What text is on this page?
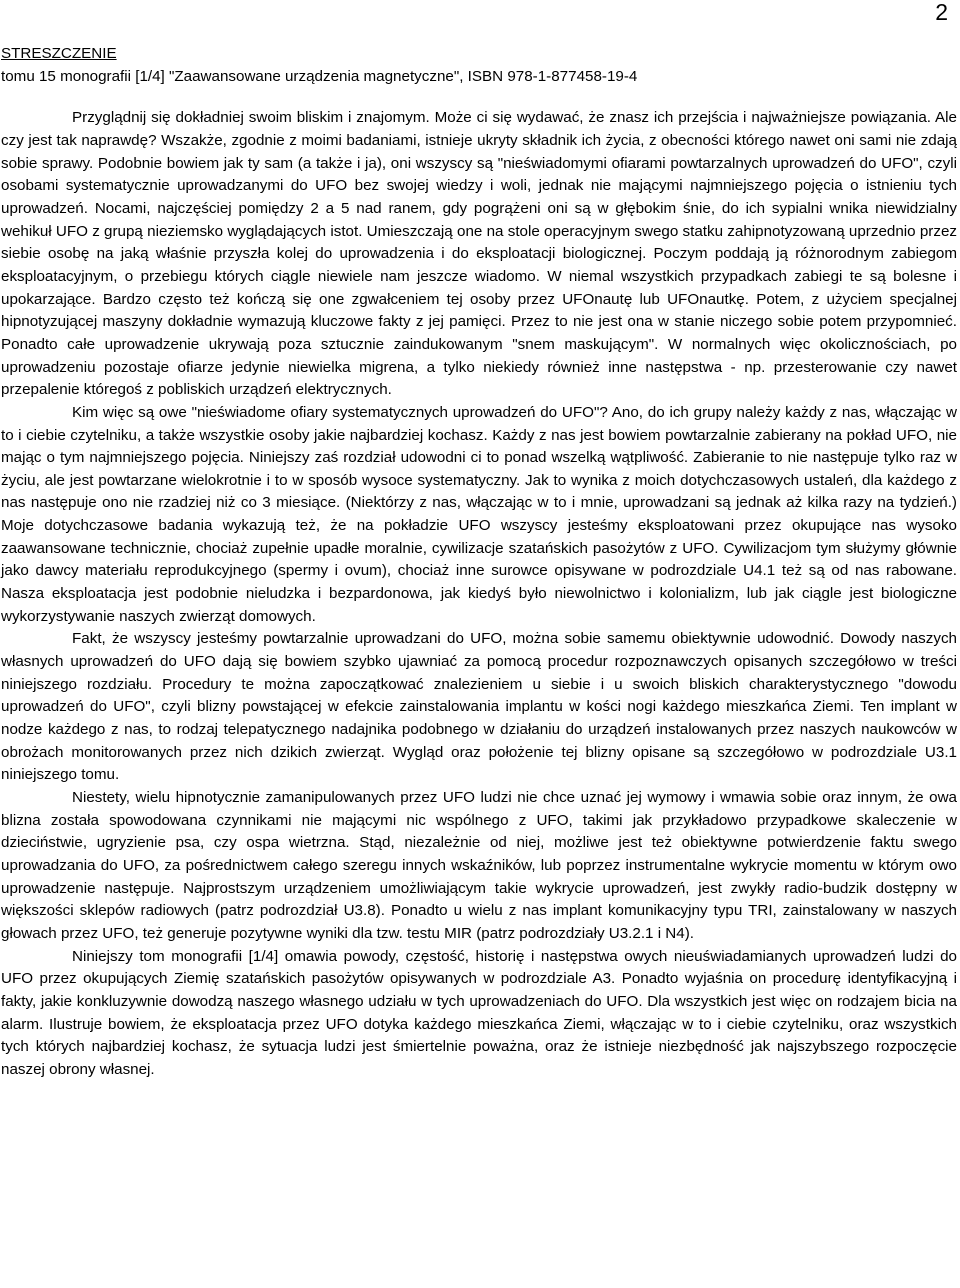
2
STRESZCZENIE
tomu 15 monografii [1/4] "Zaawansowane urządzenia magnetyczne", ISBN 978-1-877458-19-4

Przyglądnij się dokładniej swoim bliskim i znajomym. Może ci się wydawać, że znasz ich przejścia i najważniejsze powiązania. Ale czy jest tak naprawdę? Wszakże, zgodnie z moimi badaniami, istnieje ukryty składnik ich życia, z obecności którego nawet oni sami nie zdają sobie sprawy. Podobnie bowiem jak ty sam (a także i ja), oni wszyscy są "nieświadomymi ofiarami powtarzalnych uprowadzeń do UFO", czyli osobami systematycznie uprowadzanymi do UFO bez swojej wiedzy i woli, jednak nie mającymi najmniejszego pojęcia o istnieniu tych uprowadzeń. Nocami, najczęściej pomiędzy 2 a 5 nad ranem, gdy pogrążeni oni są w głębokim śnie, do ich sypialni wnika niewidzialny wehikuł UFO z grupą nieziemsko wyglądających istot. Umieszczają one na stole operacyjnym swego statku zahipnotyzowaną uprzednio przez siebie osobę na jaką właśnie przyszła kolej do uprowadzenia i do eksploatacji biologicznej. Poczym poddają ją różnorodnym zabiegom eksploatacyjnym, o przebiegu których ciągle niewiele nam jeszcze wiadomo. W niemal wszystkich przypadkach zabiegi te są bolesne i upokarzające. Bardzo często też kończą się one zgwałceniem tej osoby przez UFOnautę lub UFOnautkę. Potem, z użyciem specjalnej hipnotyzującej maszyny dokładnie wymazują kluczowe fakty z jej pamięci. Przez to nie jest ona w stanie niczego sobie potem przypomnieć. Ponadto całe uprowadzenie ukrywają poza sztucznie zaindukowanym "snem maskującym". W normalnych więc okolicznościach, po uprowadzeniu pozostaje ofiarze jedynie niewielka migrena, a tylko niekiedy również inne następstwa - np. przesterowanie czy nawet przepalenie któregoś z pobliskich urządzeń elektrycznych.

Kim więc są owe "nieświadome ofiary systematycznych uprowadzeń do UFO"? Ano, do ich grupy należy każdy z nas, włączając w to i ciebie czytelniku, a także wszystkie osoby jakie najbardziej kochasz. Każdy z nas jest bowiem powtarzalnie zabierany na pokład UFO, nie mając o tym najmniejszego pojęcia. Niniejszy zaś rozdział udowodni ci to ponad wszelką wątpliwość. Zabieranie to nie następuje tylko raz w życiu, ale jest powtarzane wielokrotnie i to w sposób wysoce systematyczny. Jak to wynika z moich dotychczasowych ustaleń, dla każdego z nas następuje ono nie rzadziej niż co 3 miesiące. (Niektórzy z nas, włączając w to i mnie, uprowadzani są jednak aż kilka razy na tydzień.) Moje dotychczasowe badania wykazują też, że na pokładzie UFO wszyscy jesteśmy eksploatowani przez okupujące nas wysoko zaawansowane technicznie, chociaż zupełnie upadłe moralnie, cywilizacje szatańskich pasożytów z UFO. Cywilizacjom tym służymy głównie jako dawcy materiału reprodukcyjnego (spermy i ovum), chociaż inne surowce opisywane w podrozdziale U4.1 też są od nas rabowane. Nasza eksploatacja jest podobnie nieludzka i bezpardonowa, jak kiedyś było niewolnictwo i kolonializm, lub jak ciągle jest biologiczne wykorzystywanie naszych zwierząt domowych.

Fakt, że wszyscy jesteśmy powtarzalnie uprowadzani do UFO, można sobie samemu obiektywnie udowodnić. Dowody naszych własnych uprowadzeń do UFO dają się bowiem szybko ujawniać za pomocą procedur rozpoznawczych opisanych szczegółowo w treści niniejszego rozdziału. Procedury te można zapoczątkować znalezieniem u siebie i u swoich bliskich charakterystycznego "dowodu uprowadzeń do UFO", czyli blizny powstającej w efekcie zainstalowania implantu w kości nogi każdego mieszkańca Ziemi. Ten implant w nodze każdego z nas, to rodzaj telepatycznego nadajnika podobnego w działaniu do urządzeń instalowanych przez naszych naukowców w obrożach monitorowanych przez nich dzikich zwierząt. Wygląd oraz położenie tej blizny opisane są szczegółowo w podrozdziale U3.1 niniejszego tomu.

Niestety, wielu hipnotycznie zamanipulowanych przez UFO ludzi nie chce uznać jej wymowy i wmawia sobie oraz innym, że owa blizna została spowodowana czynnikami nie mającymi nic wspólnego z UFO, takimi jak przykładowo przypadkowe skaleczenie w dzieciństwie, ugryzienie psa, czy ospa wietrzna. Stąd, niezależnie od niej, możliwe jest też obiektywne potwierdzenie faktu swego uprowadzania do UFO, za pośrednictwem całego szeregu innych wskaźników, lub poprzez instrumentalne wykrycie momentu w którym owo uprowadzenie następuje. Najprostszym urządzeniem umożliwiającym takie wykrycie uprowadzeń, jest zwykły radio-budzik dostępny w większości sklepów radiowych (patrz podrozdział U3.8). Ponadto u wielu z nas implant komunikacyjny typu TRI, zainstalowany w naszych głowach przez UFO, też generuje pozytywne wyniki dla tzw. testu MIR (patrz podrozdziały U3.2.1 i N4).

Niniejszy tom monografii [1/4] omawia powody, częstość, historię i następstwa owych nieuświadamianych uprowadzeń ludzi do UFO przez okupujących Ziemię szatańskich pasożytów opisywanych w podrozdziale A3. Ponadto wyjaśnia on procedurę identyfikacyjną i fakty, jakie konkluzywnie dowodzą naszego własnego udziału w tych uprowadzeniach do UFO. Dla wszystkich jest więc on rodzajem bicia na alarm. Ilustruje bowiem, że eksploatacja przez UFO dotyka każdego mieszkańca Ziemi, włączając w to i ciebie czytelniku, oraz wszystkich tych których najbardziej kochasz, że sytuacja ludzi jest śmiertelnie poważna, oraz że istnieje niezbędność jak najszybszego rozpoczęcie naszej obrony własnej.
